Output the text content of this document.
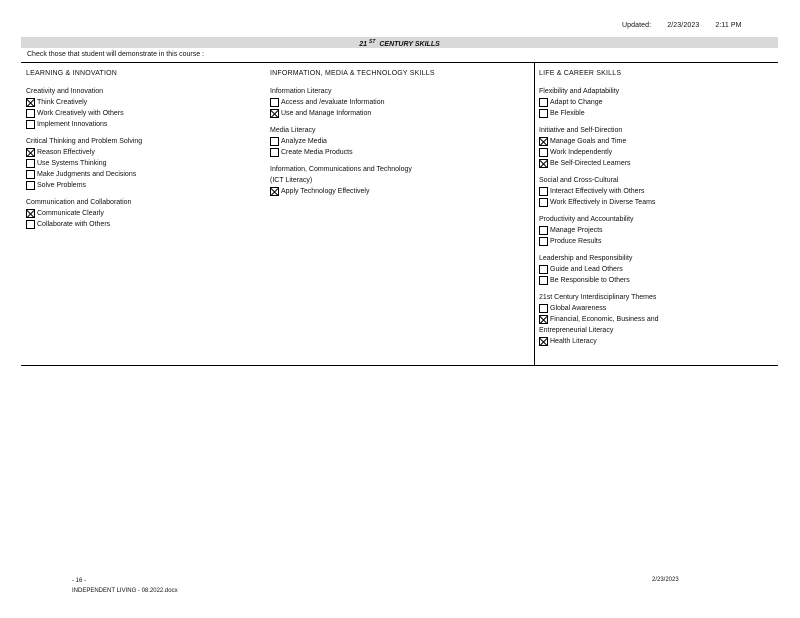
Updated: 2/23/2023 2:11 PM
21 $^{ST}$ CENTURY SKILLS
Check those that student will demonstrate in this course :
LEARNING & INNOVATION
Creativity and Innovation
Think Creatively
Work Creatively with Others
Implement Innovations
Critical Thinking and Problem Solving
Reason Effectively
Use Systems Thinking
Make Judgments and Decisions
Solve Problems
Communication and Collaboration
Communicate Clearly
Collaborate with Others
INFORMATION, MEDIA & TECHNOLOGY SKILLS
Information Literacy
Access and /evaluate Information
Use and Manage Information
Media Literacy
Analyze Media
Create Media Products
Information, Communications and Technology
(ICT Literacy)
Apply Technology Effectively
LIFE & CAREER SKILLS
Flexibility and Adaptability
Adapt to Change
Be Flexible
Initiative and Self-Direction
Manage Goals and Time
Work Independently
Be Self-Directed Learners
Social and Cross-Cultural
Interact Effectively with Others
Work Effectively in Diverse Teams
Productivity and Accountability
Manage Projects
Produce Results
Leadership and Responsibility
Guide and Lead Others
Be Responsible to Others
21st Century Interdisciplinary Themes
Global Awareness
Financial, Economic, Business and
Entrepreneurial Literacy
Health Literacy
- 16 -
INDEPENDENT LIVING - 08.2022.docx
2/23/2023
